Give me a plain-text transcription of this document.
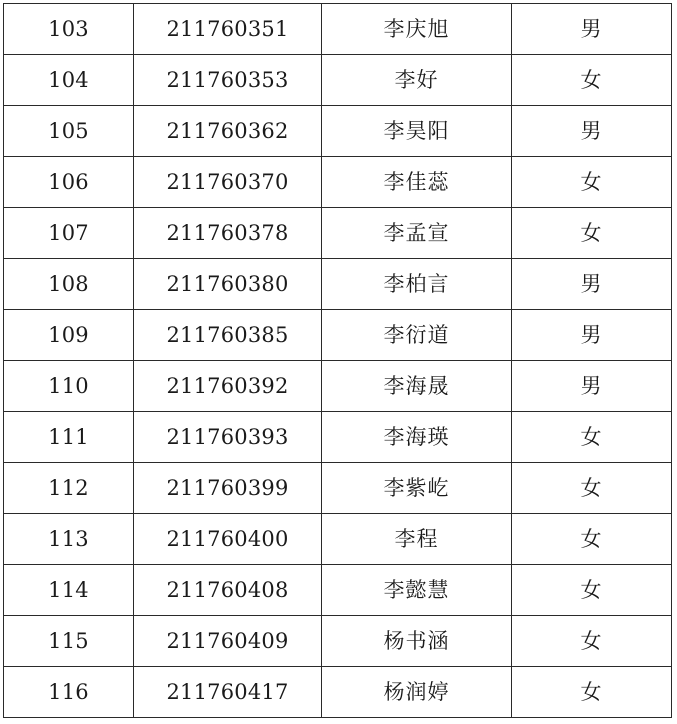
103	211760351	李庆旭	男
104	211760353	李好	女
105	211760362	李昊阳	男
106	211760370	李佳蕊	女
107	211760378	李孟宣	女
108	211760380	李柏言	男
109	211760385	李衍道	男
110	211760392	李海晟	男
111	211760393	李海瑛	女
112	211760399	李紫屹	女
113	211760400	李程	女
114	211760408	李懿慧	女
115	211760409	杨书涵	女
116	211760417	杨润婷	女
